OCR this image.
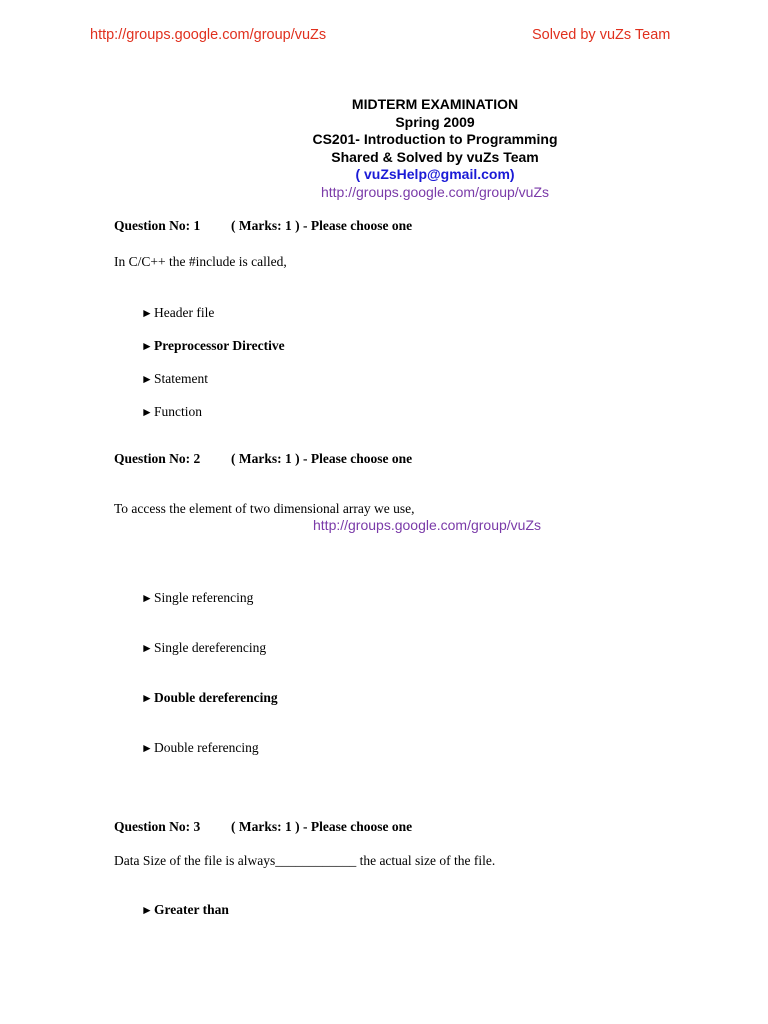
http://groups.google.com/group/vuZs	Solved by vuZs Team
MIDTERM EXAMINATION
Spring 2009
CS201- Introduction to Programming
Shared & Solved by vuZs Team
( vuZsHelp@gmail.com)
http://groups.google.com/group/vuZs
Question No: 1 ( Marks: 1 ) - Please choose one
In C/C++ the #include is called,
►Header file
►Preprocessor Directive
►Statement
►Function
Question No: 2 ( Marks: 1 ) - Please choose one
To access the element of two dimensional array we use,
http://groups.google.com/group/vuZs
►Single referencing
►Single dereferencing
►Double dereferencing
►Double referencing
Question No: 3 ( Marks: 1 ) - Please choose one
Data Size of the file is always____________ the actual size of the file.
►Greater than
